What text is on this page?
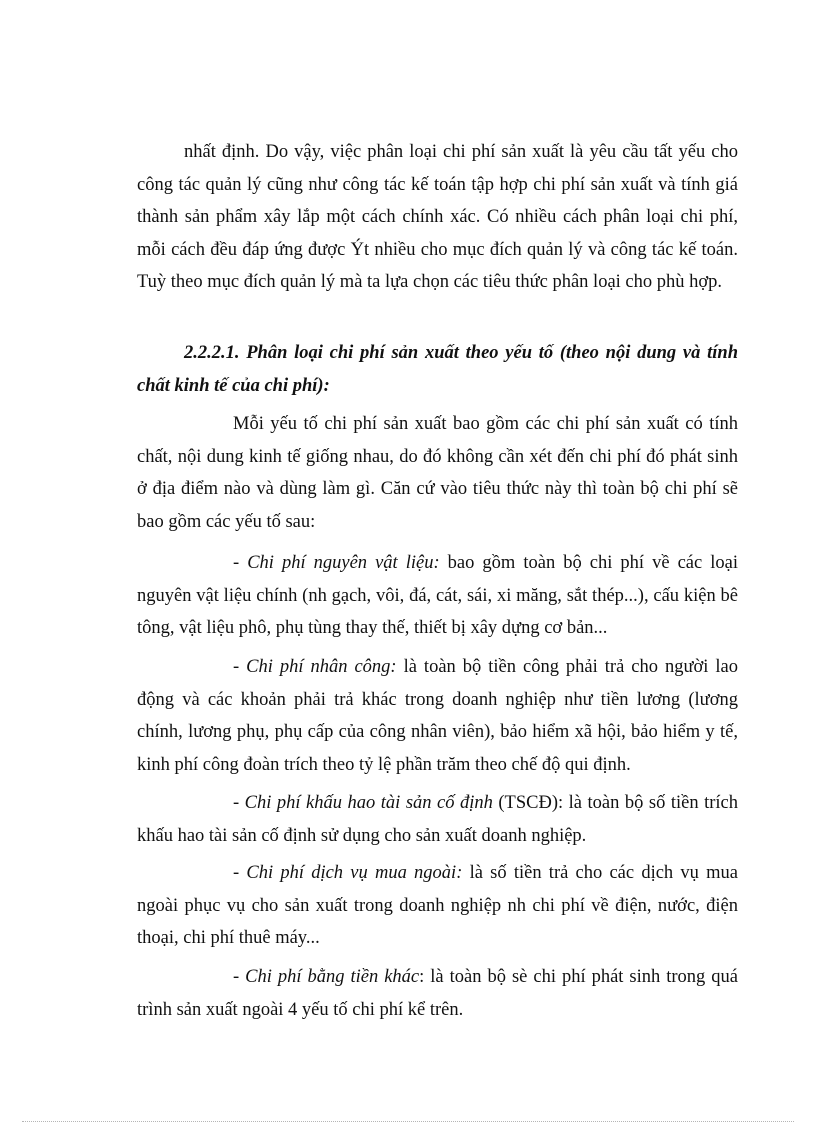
nhất định. Do vậy, việc phân loại chi phí sản xuất là yêu cầu tất yếu cho công tác quản lý cũng như công tác kế toán tập hợp chi phí sản xuất và tính giá thành sản phẩm xây lắp một cách chính xác. Có nhiều cách phân loại chi phí, mỗi cách đều đáp ứng được Ýt nhiều cho mục đích quản lý và công tác kế toán. Tuỳ theo mục đích quản lý mà ta lựa chọn các tiêu thức phân loại cho phù hợp.

2.2.2.1. Phân loại chi phí sản xuất theo yếu tố (theo nội dung và tính chất kinh tế của chi phí):

Mỗi yếu tố chi phí sản xuất bao gồm các chi phí sản xuất có tính chất, nội dung kinh tế giống nhau, do đó không cần xét đến chi phí đó phát sinh ở địa điểm nào và dùng làm gì. Căn cứ vào tiêu thức này thì toàn bộ chi phí sẽ bao gồm các yếu tố sau:

- Chi phí nguyên vật liệu: bao gồm toàn bộ chi phí về các loại nguyên vật liệu chính (nh gạch, vôi, đá, cát, sái, xi măng, sắt thép...), cấu kiện bê tông, vật liệu phô, phụ tùng thay thế, thiết bị xây dựng cơ bản...

- Chi phí nhân công: là toàn bộ tiền công phải trả cho người lao động và các khoản phải trả khác trong doanh nghiệp như tiền lương (lương chính, lương phụ, phụ cấp của công nhân viên), bảo hiểm xã hội, bảo hiểm y tế, kinh phí công đoàn trích theo tỷ lệ phần trăm theo chế độ qui định.

- Chi phí khấu hao tài sản cố định (TSCĐ): là toàn bộ số tiền trích khấu hao tài sản cố định sử dụng cho sản xuất doanh nghiệp.

- Chi phí dịch vụ mua ngoài: là số tiền trả cho các dịch vụ mua ngoài phục vụ cho sản xuất trong doanh nghiệp nh chi phí về điện, nước, điện thoại, chi phí thuê máy...

- Chi phí bằng tiền khác: là toàn bộ sè chi phí phát sinh trong quá trình sản xuất ngoài 4 yếu tố chi phí kể trên.
